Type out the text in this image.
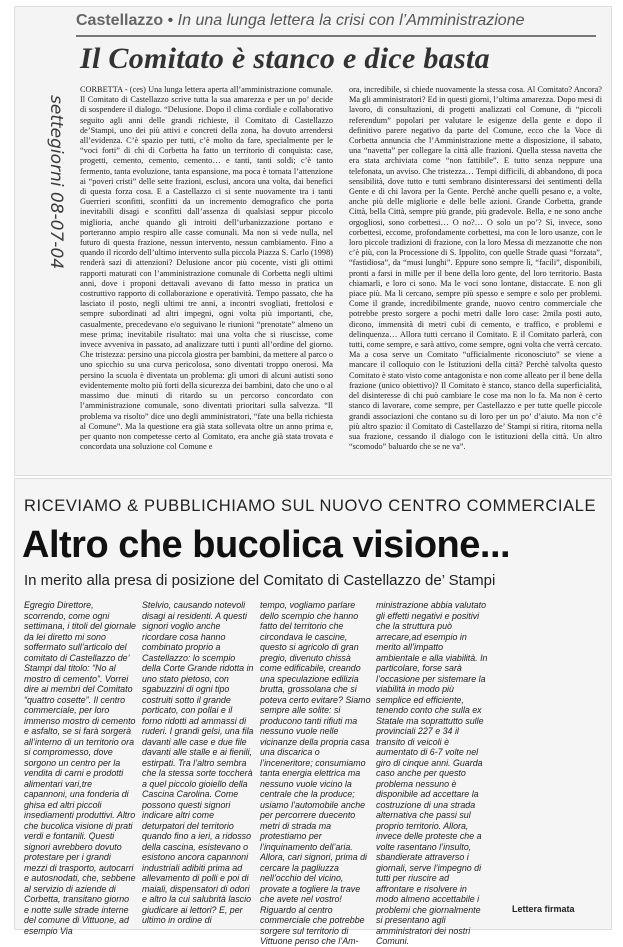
Castellazzo • In una lunga lettera la crisi con l’Amministrazione
Il Comitato è stanco e dice basta
settegiorni 08-07-04
CORBETTA - (ces) Una lunga lettera aperta all’amministrazione comunale. Il Comitato di Castellazzo scrive tutta la sua amarezza e per un po’ decide di sospendere il dialogo. “Delusione. Dopo il clima cordiale e collaborativo seguito agli anni delle grandi richieste, il Comitato di Castellazzo de’Stampi, uno dei più attivi e concreti della zona, ha dovuto arrendersi all’evidenza. C’è spazio per tutti, c’è molto da fare, specialmente per le “voci forti” di chi di Corbetta ha fatto un territorio di conquista: case, progetti, cemento, cemento, cemento… e tanti, tanti soldi; c’è tanto fermento, tanta evoluzione, tanta espansione, ma poca è tornata l’attenzione ai “poveri cristi” delle sette frazioni, esclusi, ancora una volta, dai benefici di questa forza cosa. E a Castellazzo ci si sente nuovamente tra i tanti Guerrieri sconfitti, sconfitti da un incremento demografico che porta inevitabili disagi e sconfitti dall’assenza di qualsiasi seppur piccolo miglioria, anche quando gli introiti dell’urbanizzazione portano e porteranno ampio respiro alle casse comunali. Ma non si vede nulla, nel futuro di questa frazione, nessun intervento, nessun cambiamento. Fino a quando il ricordo dell’ultimo intervento sulla piccola Piazza S. Carlo (1998) renderà sazi di attenzioni? Delusione ancor più cocente, visti gli ottimi rapporti maturati con l’amministrazione comunale di Corbetta negli ultimi anni, dove i proponi dettavali avevano di fatto messo in pratica un costruttivo rapporto di collaborazione e operatività. Tempo passato, che ha lasciato il posto, negli ultimi tre anni, a incontri svogliati, frettolosi e sempre subordinati ad altri impegni, ogni volta più importanti, che, casualmente, precedevano e/o seguivano le riunioni “prenotate” almeno un mese prima; inevitabile risultato: mai una volta che si riuscisse, come invece avveniva in passato, ad analizzare tutti i punti all’ordine del giorno. Che tristezza: persino una piccola giostra per bambini, da mettere al parco o uno spicchio su una curva pericolosa, sono diventati troppo onerosi. Ma persino la scuola è diventata un problema: gli umori di alcuni autisti sono evidentemente molto più forti della sicurezza dei bambini, dato che uno o al massimo due minuti di ritardo su un percorso concordato con l’amministrazione comunale, sono diventati prioritari sulla salvezza. “Il problema va risolto” dice uno degli amministratori, “fate una bella richiesta al Comune”. Ma la questione era già stata sollevata oltre un anno prima e, per quanto non competesse certo al Comitato, era anche già stata trovata e concordata una soluzione col Comune e
ora, incredibile, si chiede nuovamente la stessa cosa. Al Comitato? Ancora? Ma gli amministratori? Ed in questi giorni, l’ultima amarezza. Dopo mesi di lavoro, di consultazioni, di progetti analizzati col Comune, di “piccoli referendum” popolari per valutare le esigenze della gente e dopo il definitivo parere negativo da parte del Comune, ecco che la Voce di Corbetta annuncia che l’Amministrazione mette a disposizione, il sabato, una “navetta” per collegare la città alle frazioni. Quella stessa navetta che era stata archiviata come “non fattibile”. E tutto senza neppure una telefonata, un avviso. Che tristezza… Tempi difficili, di abbandono, di poca sensibilità, dove tutto e tutti sembrano disinteressarsi dei sentimenti della Gente e di chi lavora per la Gente. Perchè anche quelli pesano e, a volte, anche più delle migliorie e delle belle azioni. Grande Corbetta, grande Città, bella Città, sempre più grande, più gradevole. Bella, e ne sono anche orgogliosi, sono corbettesi… O no?… O solo un po’? Sì, invece, sono corbettesi, eccome, profondamente corbettesi, ma con le loro usanze, con le loro piccole tradizioni di frazione, con la loro Messa di mezzanotte che non c’è più, con la Processione di S. Ippolito, con quelle Strade quasi “forzata”, “fastidiosa”, da “musi lunghi”. Eppure sono sempre lì, “facili”, disponibili, pronti a farsi in mille per il bene della loro gente, del loro territorio. Basta chiamarli, e loro ci sono. Ma le voci sono lontane, distaccate. E non gli piace più. Ma li cercano, sempre più spesso e sempre e solo per problemi. Come il grande, incredibilmente grande, nuovo centro commerciale che potrebbe presto sorgere a pochi metri dalle loro case: 2mila posti auto, dicono, immensità di metri cubi di cemento, e traffico, e problemi e delinquenza… Allora tutti cercano il Comitato. E il Comitato parlerà, con tutti, come sempre, e sarà attivo, come sempre, ogni volta che verrà cercato. Ma a cosa serve un Comitato “ufficialmente riconosciuto” se viene a mancare il colloquio con le Istituzioni della città? Perchè talvolta questo Comitato è stato visto come antagonista e non come alleato per il bene della frazione (unico obiettivo)? Il Comitato è stanco, stanco della superficialità, del disinteresse di chi può cambiare le cose ma non lo fa. Ma non è certo stanco di lavorare, come sempre, per Castellazzo e per tutte quelle piccole grandi associazioni che contano su di loro per un po’ d’aiuto. Ma non c’è più altro spazio: il Comitato di Castellazzo de’ Stampi si ritira, ritorna nella sua frazione, cessando il dialogo con le istituzioni della città. Un altro “scomodo” baluardo che se ne va”.
RICEVIAMO & PUBBLICHIAMO SUL NUOVO CENTRO COMMERCIALE
Altro che bucolica visione...
In merito alla presa di posizione del Comitato di Castellazzo de’ Stampi
Egregio Direttore, scorrendo, come ogni settimana, i titoli del giornale da lei diretto mi sono soffermato sull’articolo del comitato di Castellazzo de’ Stampi dal titolo: “No al mostro di cemento”. Vorrei dire ai membri del Comitato “quattro cosette”. Il centro commerciale, per loro immenso mostro di cemento e asfalto, se si farà sorgerà all’interno di un territorio ora si compromesso, dove sorgono un centro per la vendita di carni e prodotti alimentari vari,tre capannoni, una fonderia di ghisa ed altri piccoli insediamenti produttivi. Altro che bucolica visione di prati verdi e fontanili. Questi signori avrebbero dovuto protestare per i grandi mezzi di trasporto, autocarri e autosnodati, che, sebbene al servizio di aziende di Corbetta, transitano giorno e notte sulle strade interne del comune di Vittuone, ad esempio Via
Stelvio, causando notevoli disagi ai residenti. A questi signori voglio anche ricordare cosa hanno combinato proprio a Castellazzo: lo scempio della Corte Grande ridotta in uno stato pietoso, con sgabuzzini di ogni tipo costruiti sotto il grande porticato, con pollai e il forno ridotti ad ammassi di ruderi. I grandi gelsi, una fila davanti alle case e due file davanti alle stalle e ai fienili, estirpati. Tra l’altro sembra che la stessa sorte toccherà a quel piccolo gioiello della Cascina Carolina. Come possono questi signori indicare altri come deturpatori del territorio quando fino a ieri, a ridosso della cascina, esistevano o esistono ancora capannoni industriali adibiti prima ad allevamento di polli e poi di maiali, dispensatori di odori e altro la cui salubrità lascio giudicare ai lettori? E, per ultimo in ordine di
tempo, vogliamo parlare dello scempio che hanno fatto del territorio che circondava le cascine, questo si agricolo di gran pregio, divenuto chissà come edificabile, creando una speculazione edilizia brutta, grossolana che si poteva certo evitare? Siamo sempre alle solite: si producono tanti rifiuti ma nessuno vuole nelle vicinanze della propria casa una discarica o l’inceneritore; consumiamo tanta energia elettrica ma nessuno vuole vicino la centrale che la produce; usiamo l’automobile anche per percorrere duecento metri di strada ma protestiamo per l’inquinamento dell’aria. Allora, cari signori, prima di cercare la pagliuzza nell’occhio del vicino, provate a togliere la trave che avete nel vostro! Riguardo al centro commerciale che potrebbe sorgere sul territorio di Vittuone penso che l’Am-
ministrazione abbia valutato gli effetti negativi e positivi che la struttura può arrecare,ad esempio in merito all’impatto ambientale e alla viabilità. In particolare, forse sarà l’occasione per sistemare la viabilità in modo più semplice ed efficiente, tenendo conto che sulla ex Statale ma soprattutto sulle provinciali 227 e 34 il transito di veicoli è aumentato di 6-7 volte nel giro di cinque anni. Guarda caso anche per questo problema nessuno è disponibile ad accettare la costruzione di una strada alternativa che passi sul proprio territorio. Allora, invece delle proteste che a volte rasentano l’insulto, sbandierate attraverso i giornali, serve l’impegno di tutti per riuscire ad affrontare e risolvere in modo almeno accettabile i problemi che giornalmente si presentano agli amministratori dei nostri Comuni.
Lettera firmata
